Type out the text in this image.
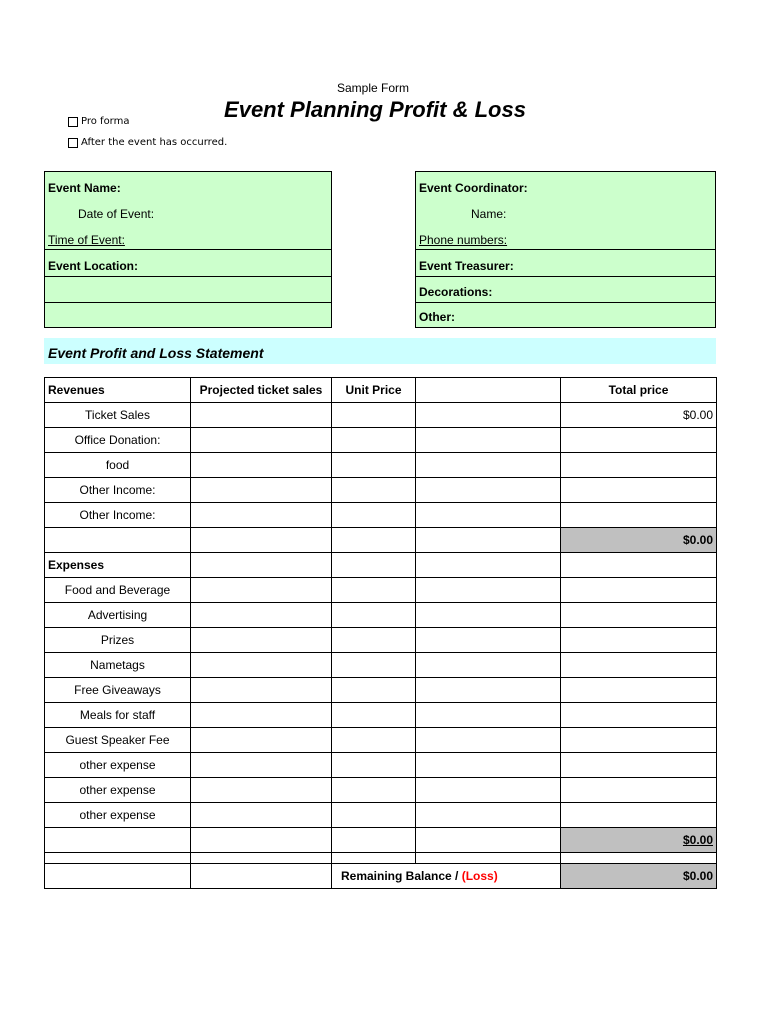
Sample Form
Event Planning Profit & Loss
Pro forma
After the event has occurred.
Event Name:
Date of Event:
Time of Event:
Event Location:
Event Coordinator:
Name:
Phone numbers:
Event Treasurer:
Decorations:
Other:
Event Profit and Loss Statement
Revenues	Projected ticket sales	Unit Price		Total price
Ticket Sales				$0.00
Office Donation:				
food				
Other Income:				
Other Income:				
				$0.00
Expenses				
Food and Beverage				
Advertising				
Prizes				
Nametags				
Free Giveaways				
Meals for staff				
Guest Speaker Fee				
other expense				
other expense				
other expense				
				$0.00

		Remaining Balance / (Loss)		$0.00
